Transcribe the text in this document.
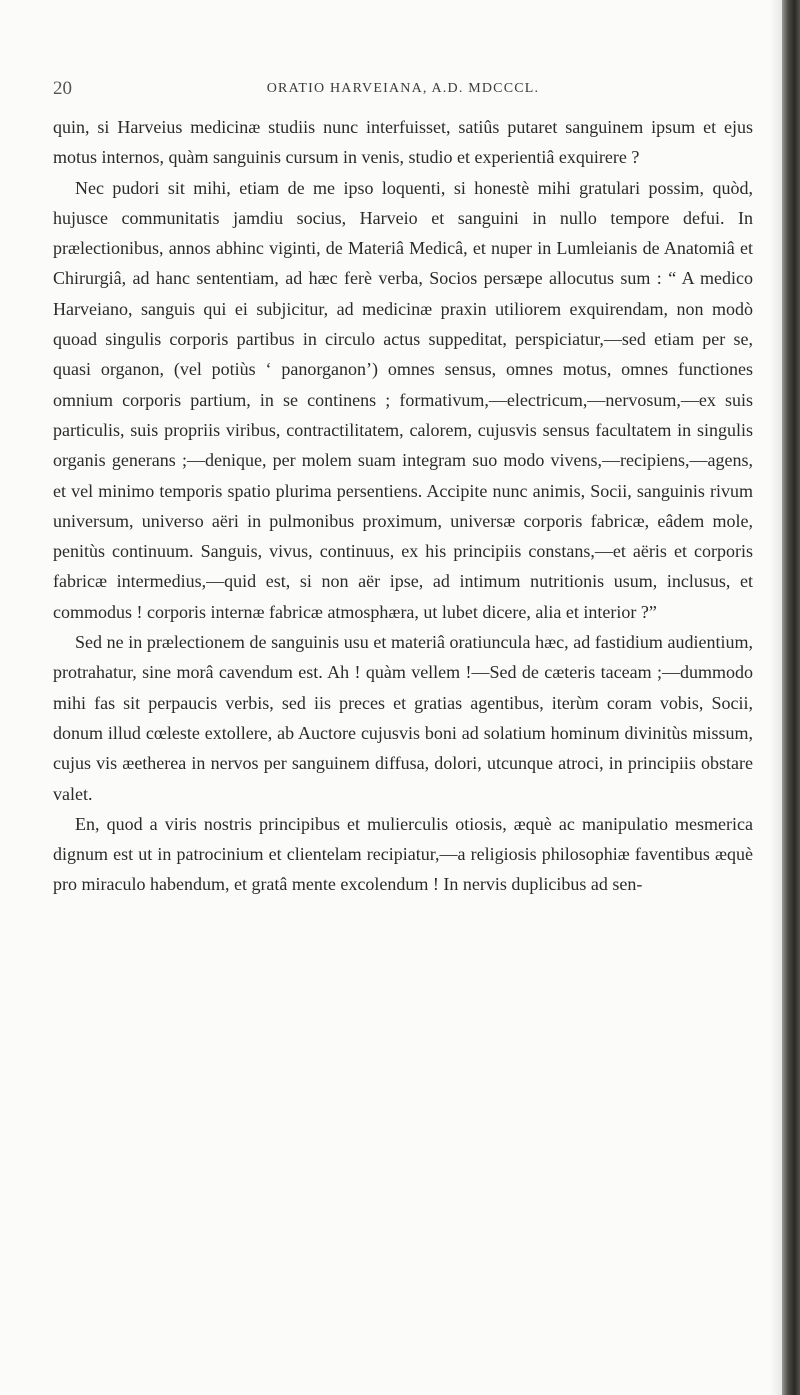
20	ORATIO HARVEIANA, A.D. MDCCCL.

quin, si Harveius medicinæ studiis nunc interfuisset, satiûs putaret sanguinem ipsum et ejus motus internos, quàm sanguinis cursum in venis, studio et experientiâ exquirere ?

Nec pudori sit mihi, etiam de me ipso loquenti, si honestè mihi gratulari possim, quòd, hujusce communitatis jamdiu socius, Harveio et sanguini in nullo tempore defui. In prælectionibus, annos abhinc viginti, de Materiâ Medicâ, et nuper in Lumleianis de Anatomiâ et Chirurgiâ, ad hanc sententiam, ad hæc ferè verba, Socios persæpe allocutus sum : “ A medico Harveiano, sanguis qui ei subjicitur, ad medicinæ praxin utiliorem exquirendam, non modò quoad singulis corporis partibus in circulo actus suppeditat, perspiciatur,—sed etiam per se, quasi organon, (vel potiùs ‘ panorganon’) omnes sensus, omnes motus, omnes functiones omnium corporis partium, in se continens ; formativum,—electricum,—nervosum,—ex suis particulis, suis propriis viribus, contractilitatem, calorem, cujusvis sensus facultatem in singulis organis generans ;—denique, per molem suam integram suo modo vivens,—recipiens,—agens, et vel minimo temporis spatio plurima persentiens. Accipite nunc animis, Socii, sanguinis rivum universum, universo aëri in pulmonibus proximum, universæ corporis fabricæ, eâdem mole, penitùs continuum. Sanguis, vivus, continuus, ex his principiis constans,—et aëris et corporis fabricæ intermedius,—quid est, si non aër ipse, ad intimum nutritionis usum, inclusus, et commodus ! corporis internæ fabricæ atmosphæra, ut lubet dicere, alia et interior ?”

Sed ne in prælectionem de sanguinis usu et materiâ oratiuncula hæc, ad fastidium audientium, protrahatur, sine morâ cavendum est. Ah ! quàm vellem !—Sed de cæteris taceam ;—dummodo mihi fas sit perpaucis verbis, sed iis preces et gratias agentibus, iterùm coram vobis, Socii, donum illud cœleste extollere, ab Auctore cujusvis boni ad solatium hominum divinitùs missum, cujus vis æetherea in nervos per sanguinem diffusa, dolori, utcunque atroci, in principiis obstare valet.

En, quod a viris nostris principibus et mulierculis otiosis, æquè ac manipulatio mesmerica dignum est ut in patrocinium et clientelam recipiatur,—a religiosis philosophiæ faventibus æquè pro miraculo habendum, et gratâ mente excolendum ! In nervis duplicibus ad sen-
